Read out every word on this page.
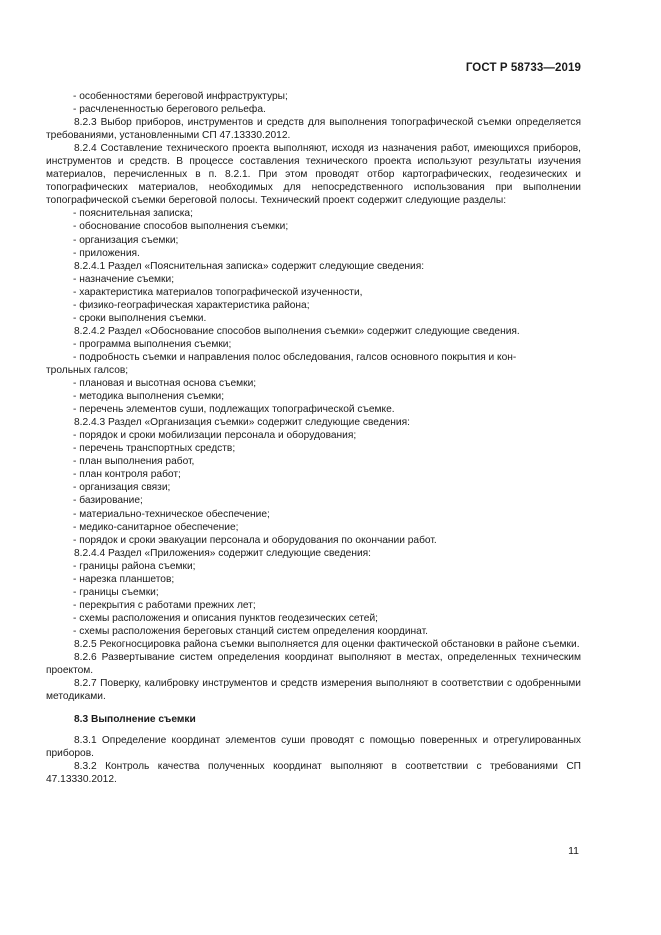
ГОСТ Р 58733—2019

- особенностями береговой инфраструктуры;

- расчлененностью берегового рельефа.

8.2.3 Выбор приборов, инструментов и средств для выполнения топографической съемки определяется требованиями, установленными СП 47.13330.2012.

8.2.4 Составление технического проекта выполняют, исходя из назначения работ, имеющихся приборов, инструментов и средств. В процессе составления технического проекта используют результаты изучения материалов, перечисленных в п. 8.2.1. При этом проводят отбор картографических, геодезических и топографических материалов, необходимых для непосредственного использования при выполнении топографической съемки береговой полосы. Технический проект содержит следующие разделы:

- пояснительная записка;

- обоснование способов выполнения съемки;

- организация съемки;

- приложения.

8.2.4.1 Раздел «Пояснительная записка» содержит следующие сведения:

- назначение съемки;

- характеристика материалов топографической изученности,

- физико-географическая характеристика района;

- сроки выполнения съемки.

8.2.4.2 Раздел «Обоснование способов выполнения съемки» содержит следующие сведения.

- программа выполнения съемки;

- подробность съемки и направления полос обследования, галсов основного покрытия и кон-
трольных галсов;

- плановая и высотная основа съемки;

- методика выполнения съемки;

- перечень элементов суши, подлежащих топографической съемке.

8.2.4.3 Раздел «Организация съемки» содержит следующие сведения:

- порядок и сроки мобилизации персонала и оборудования;

- перечень транспортных средств;

- план выполнения работ,

- план контроля работ;

- организация связи;

- базирование;

- материально-техническое обеспечение;

- медико-санитарное обеспечение;

- порядок и сроки эвакуации персонала и оборудования по окончании работ.

8.2.4.4 Раздел «Приложения» содержит следующие сведения:

- границы района съемки;

- нарезка планшетов;

- границы съемки;

- перекрытия с работами прежних лет;

- схемы расположения и описания пунктов геодезических сетей;

- схемы расположения береговых станций систем определения координат.

8.2.5 Рекогносцировка района съемки выполняется для оценки фактической обстановки в районе съемки.

8.2.6 Развертывание систем определения координат выполняют в местах, определенных техническим проектом.

8.2.7 Поверку, калибровку инструментов и средств измерения выполняют в соответствии с одобренными методиками.

8.3 Выполнение съемки

8.3.1 Определение координат элементов суши проводят с помощью поверенных и отрегулированных приборов.

8.3.2 Контроль качества полученных координат выполняют в соответствии с требованиями СП 47.13330.2012.

11
